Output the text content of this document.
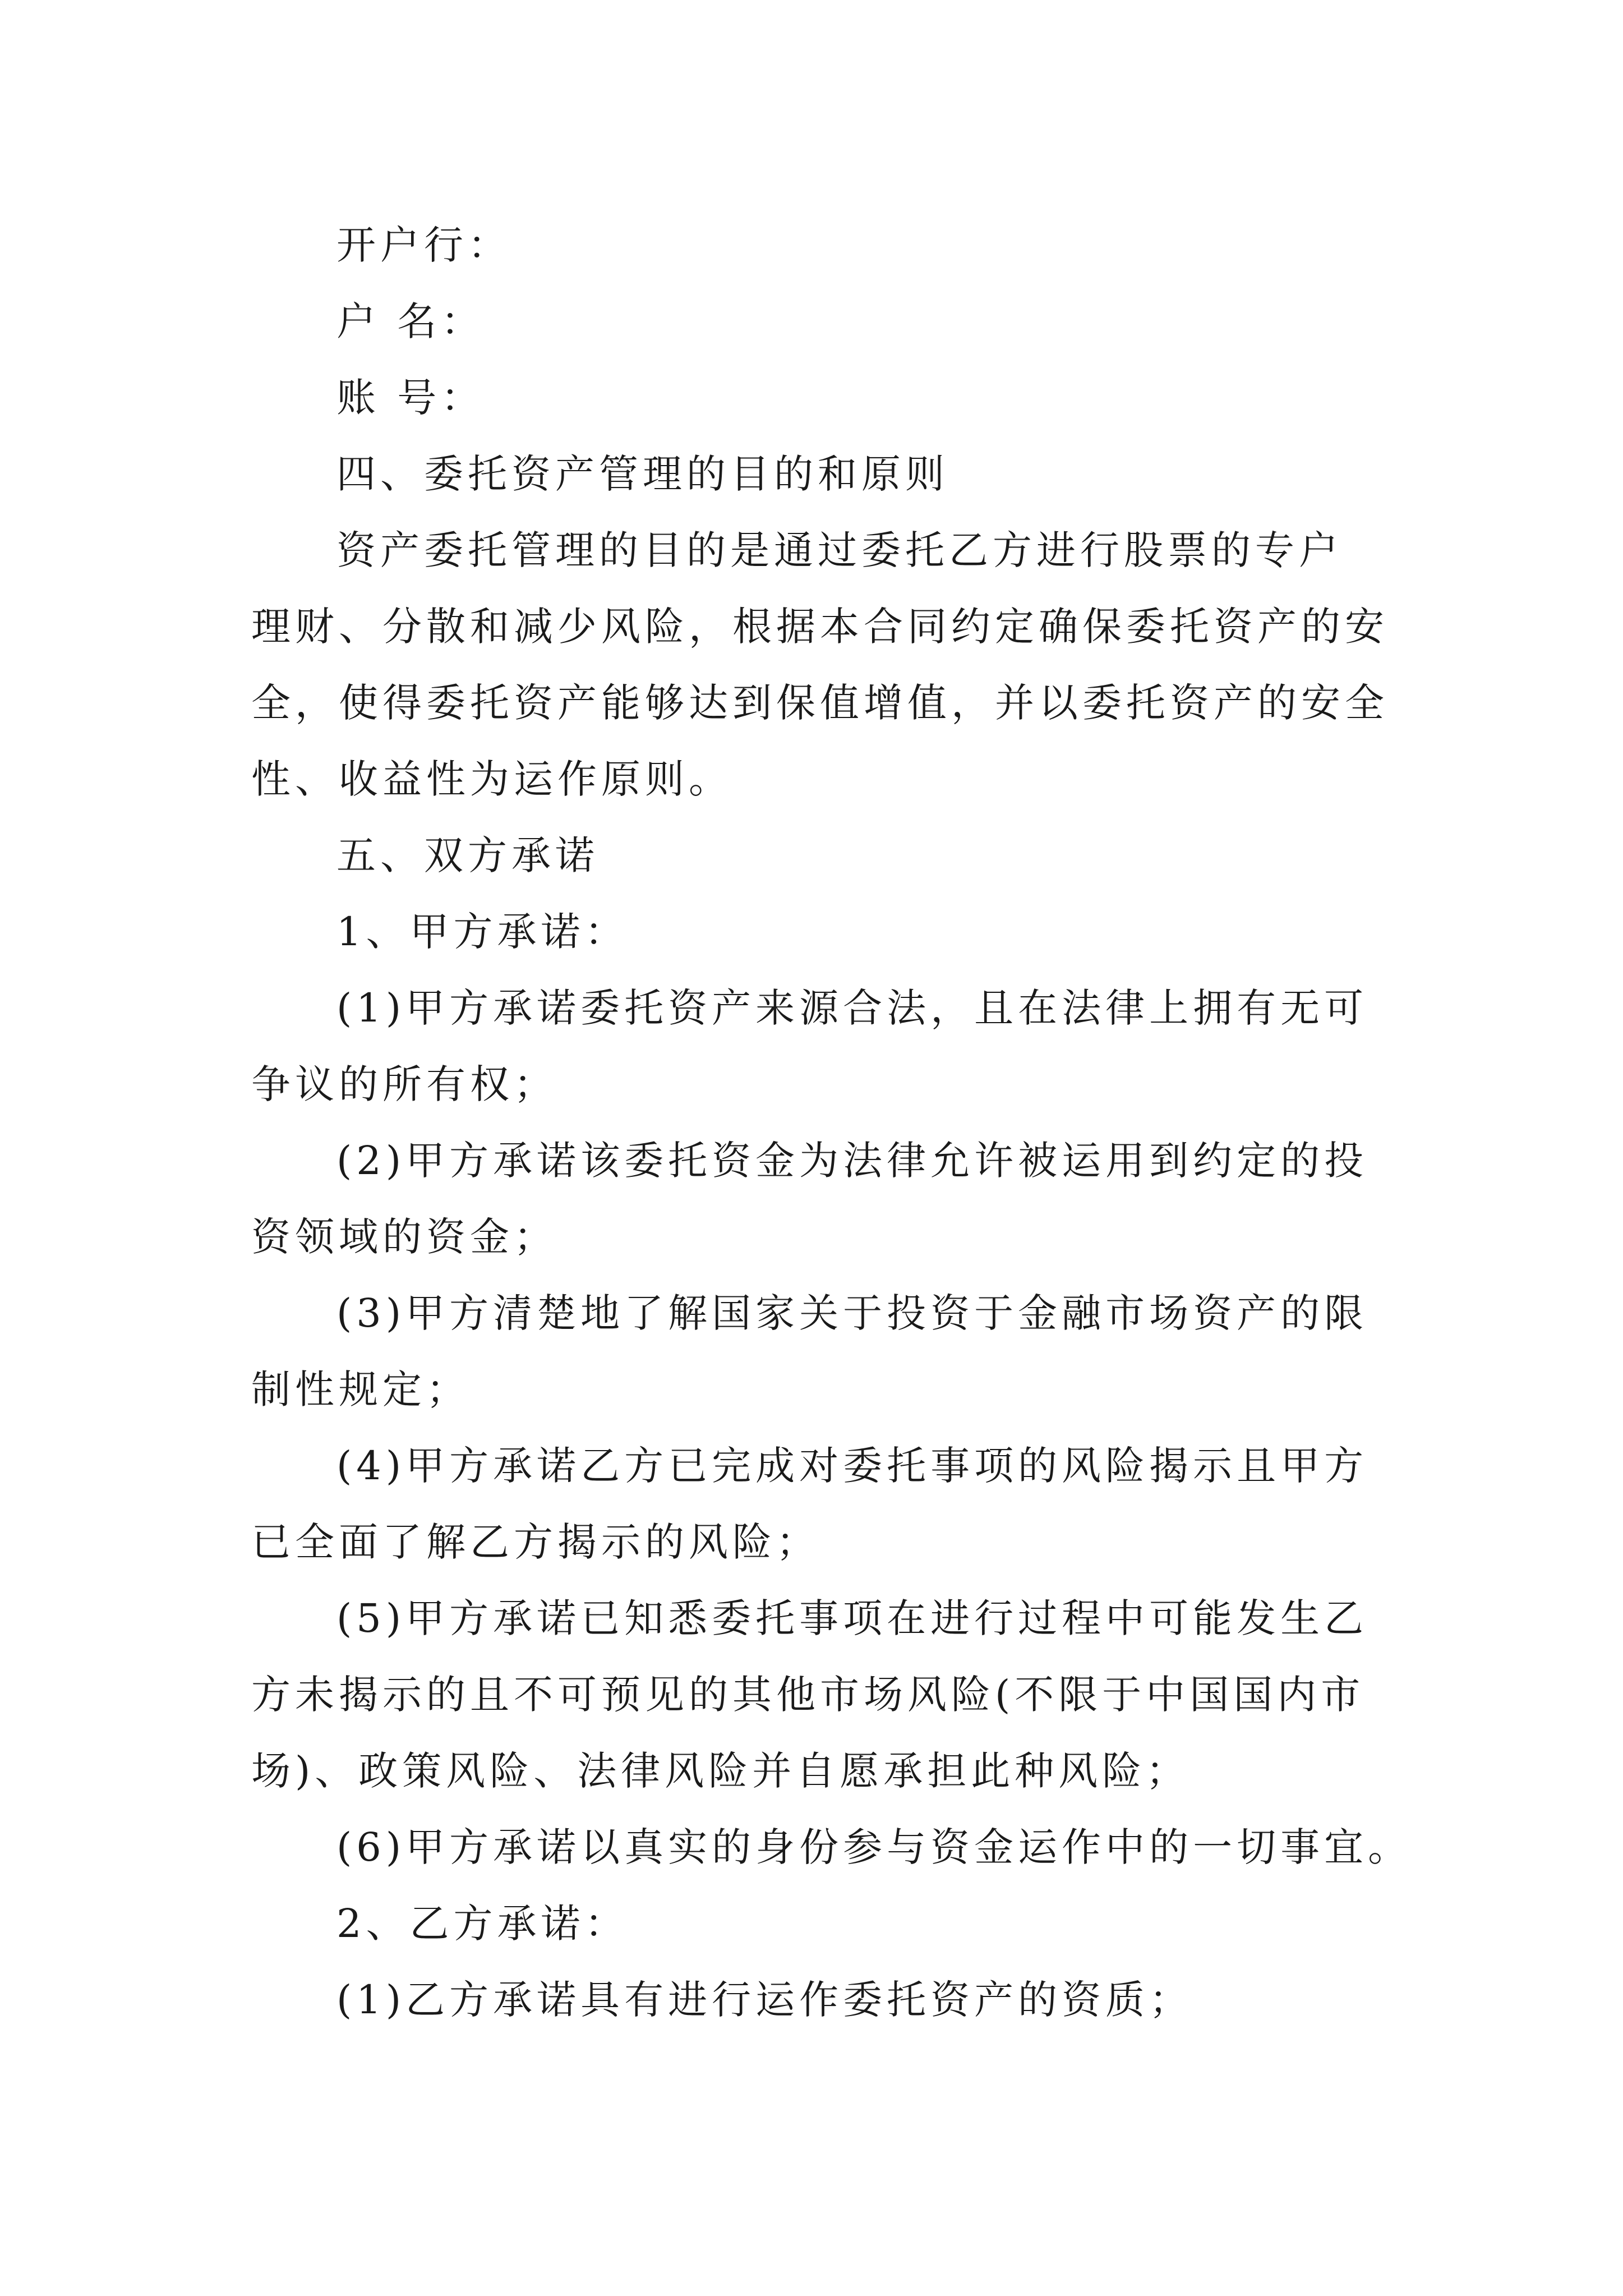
开户行：
户 名：
账 号：
四、委托资产管理的目的和原则
资产委托管理的目的是通过委托乙方进行股票的专户
理财、分散和减少风险，根据本合同约定确保委托资产的安
全，使得委托资产能够达到保值增值，并以委托资产的安全
性、收益性为运作原则。
五、双方承诺
1、甲方承诺：
(1)甲方承诺委托资产来源合法，且在法律上拥有无可
争议的所有权；
(2)甲方承诺该委托资金为法律允许被运用到约定的投
资领域的资金；
(3)甲方清楚地了解国家关于投资于金融市场资产的限
制性规定；
(4)甲方承诺乙方已完成对委托事项的风险揭示且甲方
已全面了解乙方揭示的风险；
(5)甲方承诺已知悉委托事项在进行过程中可能发生乙
方未揭示的且不可预见的其他市场风险(不限于中国国内市
场)、政策风险、法律风险并自愿承担此种风险；
(6)甲方承诺以真实的身份参与资金运作中的一切事宜。
2、乙方承诺：
(1)乙方承诺具有进行运作委托资产的资质；
